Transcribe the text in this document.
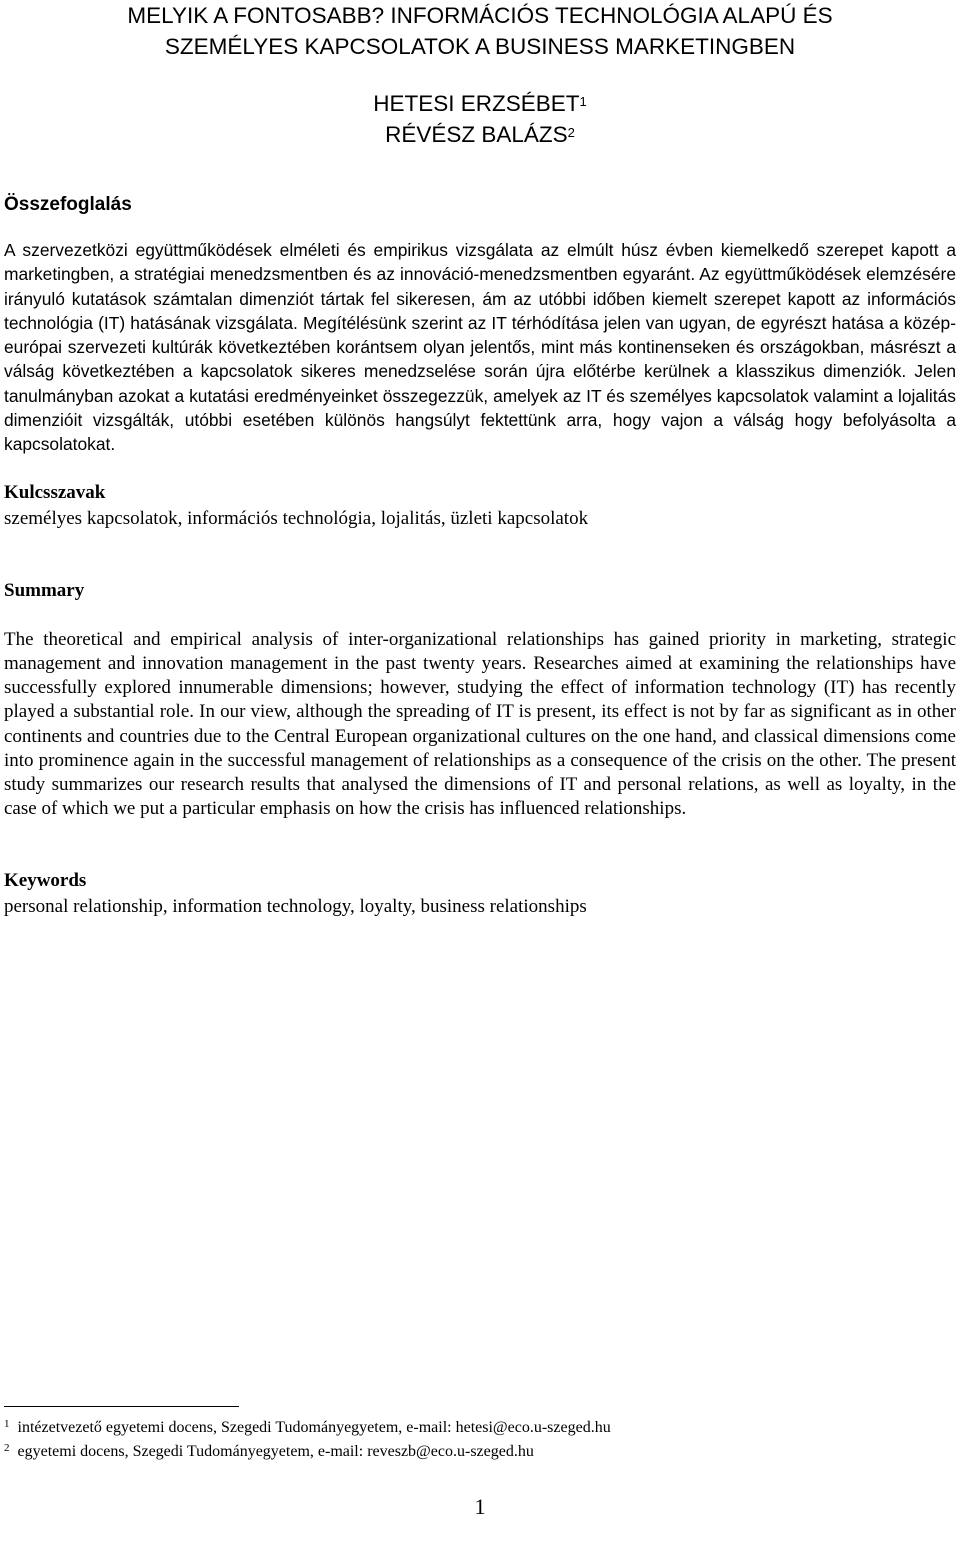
MELYIK A FONTOSABB? INFORMÁCIÓS TECHNOLÓGIA ALAPÚ ÉS
SZEMÉLYES KAPCSOLATOK A BUSINESS MARKETINGBEN
HETESI ERZSÉBET$^1$
RÉVÉSZ BALÁZS$^2$
Összefoglalás
A szervezetközi együttműködések elméleti és empirikus vizsgálata az elmúlt húsz évben kiemelkedő szerepet kapott a marketingben, a stratégiai menedzsmentben és az innováció-menedzsmentben egyaránt. Az együttműködések elemzésére irányuló kutatások számtalan dimenziót tártak fel sikeresen, ám az utóbbi időben kiemelt szerepet kapott az információs technológia (IT) hatásának vizsgálata. Megítélésünk szerint az IT térhódítása jelen van ugyan, de egyrészt hatása a közép-európai szervezeti kultúrák következtében korántsem olyan jelentős, mint más kontinenseken és országokban, másrészt a válság következtében a kapcsolatok sikeres menedzselése során újra előtérbe kerülnek a klasszikus dimenziók. Jelen tanulmányban azokat a kutatási eredményeinket összegezzük, amelyek az IT és személyes kapcsolatok valamint a lojalitás dimenzióit vizsgálták, utóbbi esetében különös hangsúlyt fektettünk arra, hogy vajon a válság hogy befolyásolta a kapcsolatokat.
Kulcsszavak
személyes kapcsolatok, információs technológia, lojalitás, üzleti kapcsolatok
Summary
The theoretical and empirical analysis of inter-organizational relationships has gained priority in marketing, strategic management and innovation management in the past twenty years. Researches aimed at examining the relationships have successfully explored innumerable dimensions; however, studying the effect of information technology (IT) has recently played a substantial role. In our view, although the spreading of IT is present, its effect is not by far as significant as in other continents and countries due to the Central European organizational cultures on the one hand, and classical dimensions come into prominence again in the successful management of relationships as a consequence of the crisis on the other. The present study summarizes our research results that analysed the dimensions of IT and personal relations, as well as loyalty, in the case of which we put a particular emphasis on how the crisis has influenced relationships.
Keywords
personal relationship, information technology, loyalty, business relationships
$^1$ intézetvezető egyetemi docens, Szegedi Tudományegyetem, e-mail: hetesi@eco.u-szeged.hu
$^2$ egyetemi docens, Szegedi Tudományegyetem, e-mail: reveszb@eco.u-szeged.hu
1
